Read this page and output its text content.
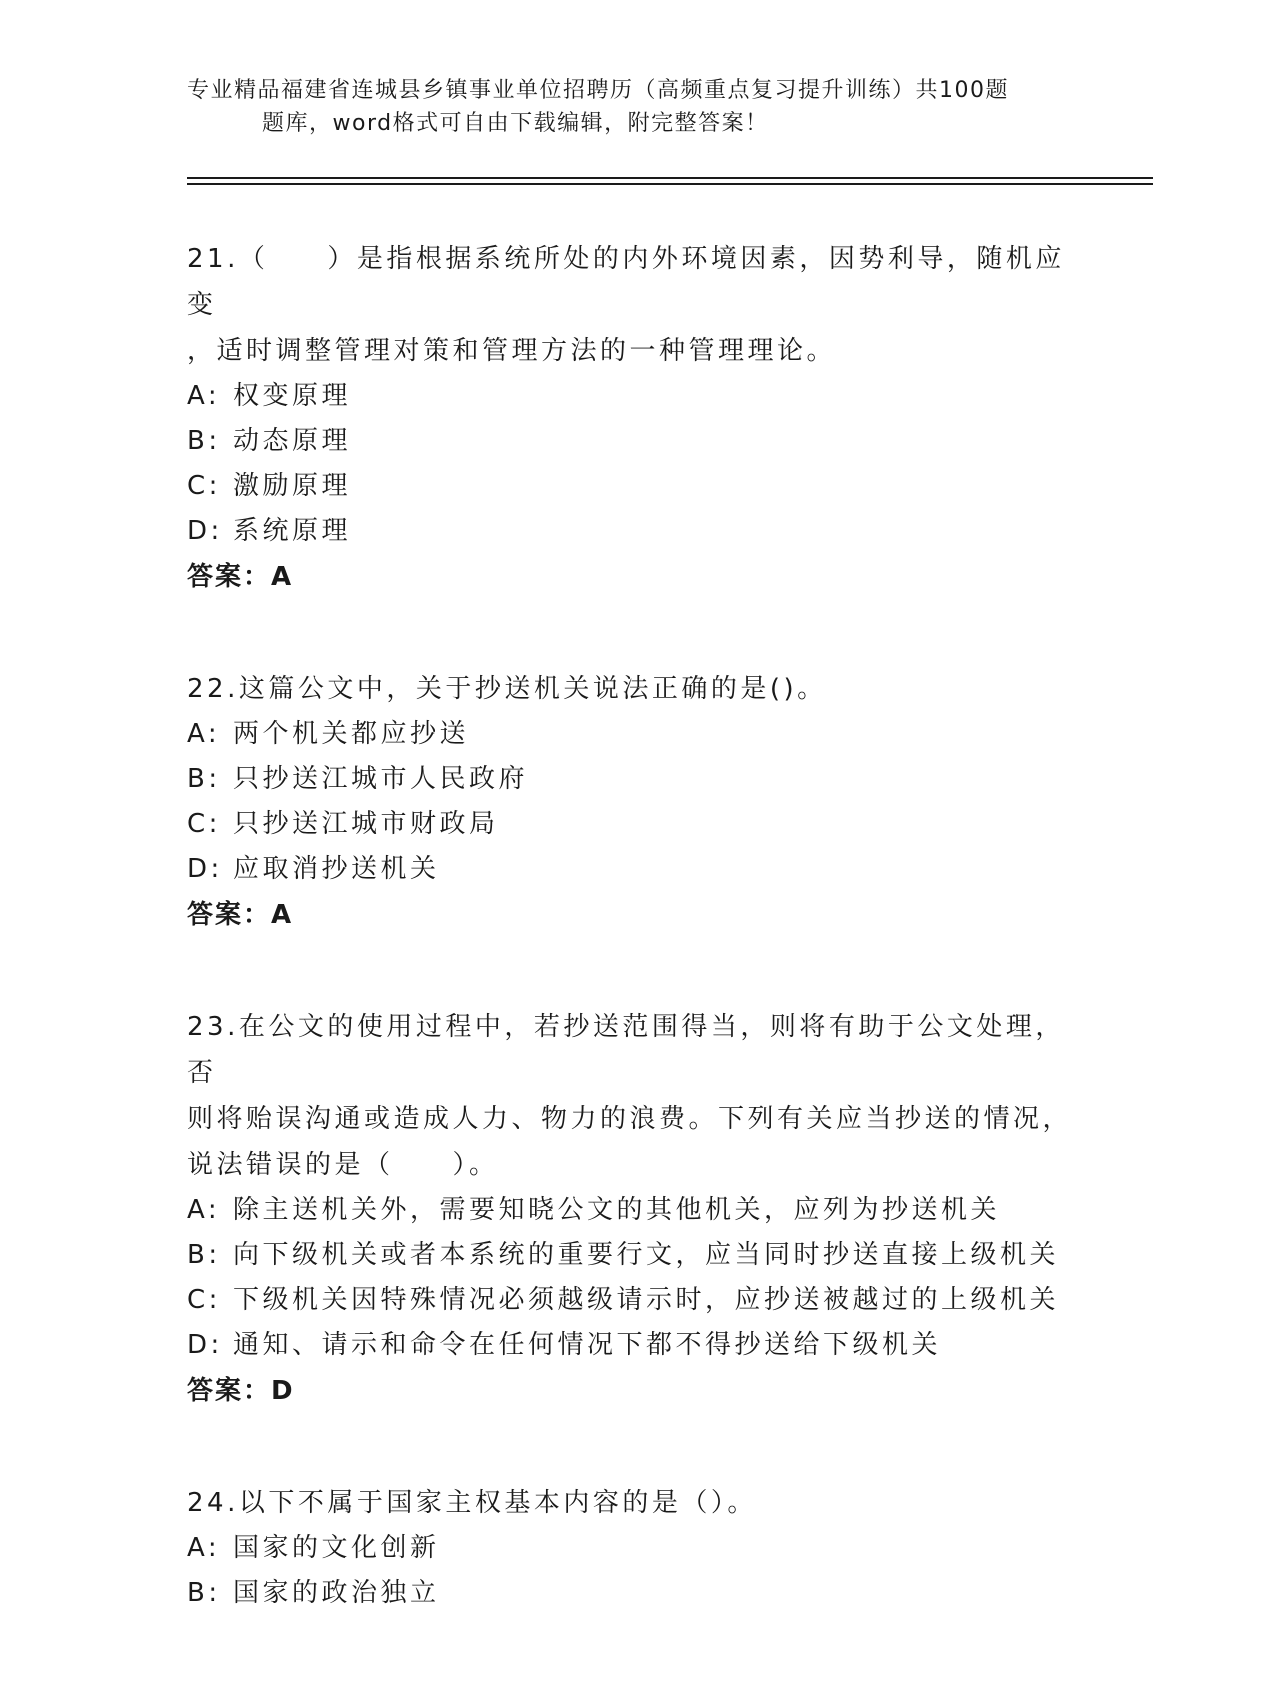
专业精品福建省连城县乡镇事业单位招聘历（高频重点复习提升训练）共100题
题库，word格式可自由下载编辑，附完整答案！
21.（　　）是指根据系统所处的内外环境因素，因势利导，随机应变
，适时调整管理对策和管理方法的一种管理理论。
A: 权变原理
B: 动态原理
C: 激励原理
D: 系统原理
答案：A
22.这篇公文中，关于抄送机关说法正确的是()。
A: 两个机关都应抄送
B: 只抄送江城市人民政府
C: 只抄送江城市财政局
D: 应取消抄送机关
答案：A
23.在公文的使用过程中，若抄送范围得当，则将有助于公文处理，否
则将贻误沟通或造成人力、物力的浪费。下列有关应当抄送的情况，
说法错误的是（　　）。
A: 除主送机关外，需要知晓公文的其他机关，应列为抄送机关
B: 向下级机关或者本系统的重要行文，应当同时抄送直接上级机关
C: 下级机关因特殊情况必须越级请示时，应抄送被越过的上级机关
D: 通知、请示和命令在任何情况下都不得抄送给下级机关
答案：D
24.以下不属于国家主权基本内容的是（）。
A: 国家的文化创新
B: 国家的政治独立
